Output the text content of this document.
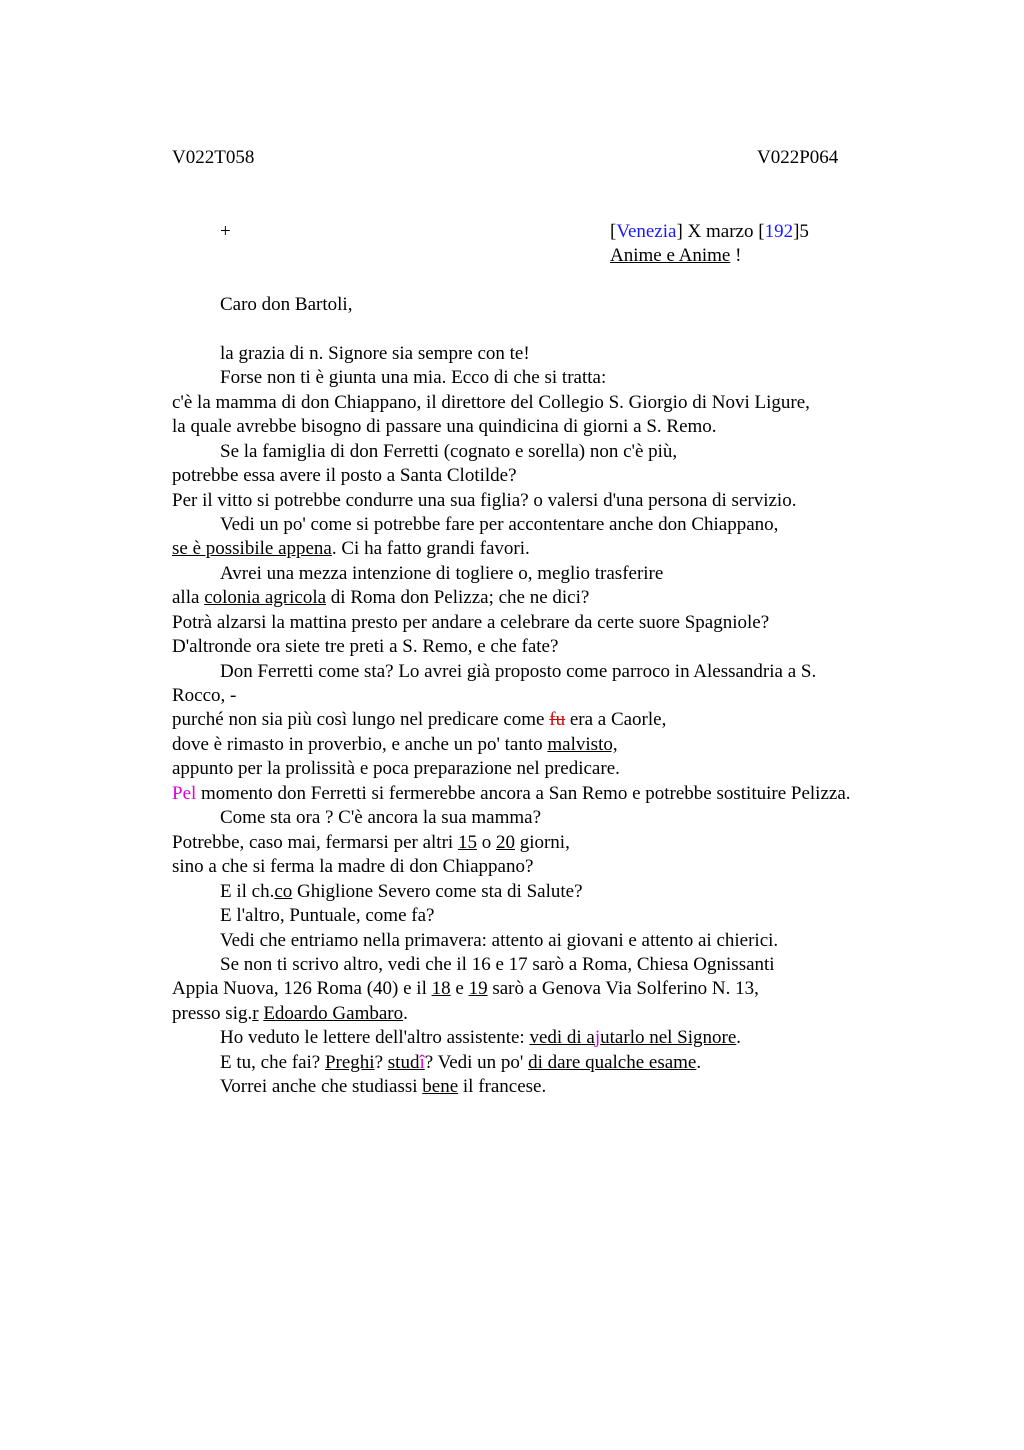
V022T058	V022P064
+	[Venezia] X marzo [192]5
Anime e Anime !
Caro don Bartoli,
la grazia di n. Signore sia sempre con te!
Forse non ti è giunta una mia. Ecco di che si tratta:
c'è la mamma di don Chiappano, il direttore del Collegio S. Giorgio di Novi Ligure,
la quale avrebbe bisogno di passare una quindicina di giorni a S. Remo.
Se la famiglia di don Ferretti (cognato e sorella) non c'è più,
potrebbe essa avere il posto a Santa Clotilde?
Per il vitto si potrebbe condurre una sua figlia? o valersi d'una persona di servizio.
Vedi un po' come si potrebbe fare per accontentare anche don Chiappano,
se è possibile appena. Ci ha fatto grandi favori.
Avrei una mezza intenzione di togliere o, meglio trasferire
alla colonia agricola di Roma don Pelizza; che ne dici?
Potrà alzarsi la mattina presto per andare a celebrare da certe suore Spagniole?
D'altronde ora siete tre preti a S. Remo, e che fate?
Don Ferretti come sta? Lo avrei già proposto come parroco in Alessandria a S.
Rocco, -
purché non sia più così lungo nel predicare come fu era a Caorle,
dove è rimasto in proverbio, e anche un po' tanto malvisto,
appunto per la prolissità e poca preparazione nel predicare.
Pel momento don Ferretti si fermerebbe ancora a San Remo e potrebbe sostituire Pelizza.
Come sta ora ? C'è ancora la sua mamma?
Potrebbe, caso mai, fermarsi per altri 15 o 20 giorni,
sino a che si ferma la madre di don Chiappano?
E il ch.co Ghiglione Severo come sta di Salute?
E l'altro, Puntuale, come fa?
Vedi che entriamo nella primavera: attento ai giovani e attento ai chierici.
Se non ti scrivo altro, vedi che il 16 e 17 sarò a Roma, Chiesa Ognissanti
Appia Nuova, 126 Roma (40) e il 18 e 19 sarò a Genova Via Solferino N. 13,
presso sig.r Edoardo Gambaro.
Ho veduto le lettere dell'altro assistente: vedi di ajutarlo nel Signore.
E tu, che fai? Preghi? studî? Vedi un po' di dare qualche esame.
Vorrei anche che studiassi bene il francese.
